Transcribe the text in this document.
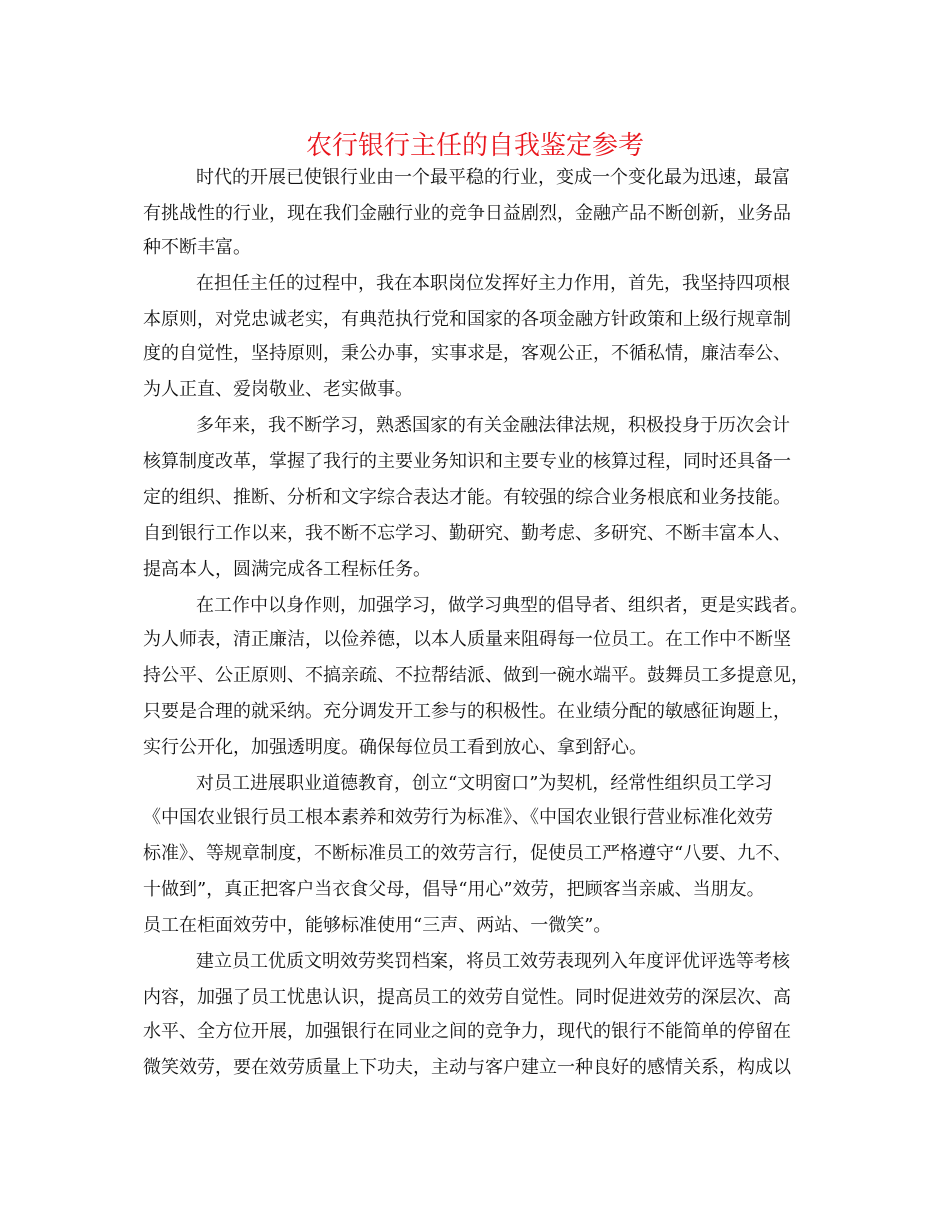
农行银行主任的自我鉴定参考

时代的开展已使银行业由一个最平稳的行业，变成一个变化最为迅速，最富

有挑战性的行业，现在我们金融行业的竞争日益剧烈，金融产品不断创新，业务品

种不断丰富。

在担任主任的过程中，我在本职岗位发挥好主力作用，首先，我坚持四项根

本原则，对党忠诚老实，有典范执行党和国家的各项金融方针政策和上级行规章制

度的自觉性，坚持原则，秉公办事，实事求是，客观公正，不循私情，廉洁奉公、

为人正直、爱岗敬业、老实做事。

多年来，我不断学习，熟悉国家的有关金融法律法规，积极投身于历次会计

核算制度改革，掌握了我行的主要业务知识和主要专业的核算过程，同时还具备一

定的组织、推断、分析和文字综合表达才能。有较强的综合业务根底和业务技能。

自到银行工作以来，我不断不忘学习、勤研究、勤考虑、多研究、不断丰富本人、

提高本人，圆满完成各工程标任务。

在工作中以身作则，加强学习，做学习典型的倡导者、组织者，更是实践者。

为人师表，清正廉洁，以俭养德，以本人质量来阻碍每一位员工。在工作中不断坚

持公平、公正原则、不搞亲疏、不拉帮结派、做到一碗水端平。鼓舞员工多提意见，

只要是合理的就采纳。充分调发开工参与的积极性。在业绩分配的敏感征询题上，

实行公开化，加强透明度。确保每位员工看到放心、拿到舒心。

对员工进展职业道德教育，创立“文明窗口”为契机，经常性组织员工学习

《中国农业银行员工根本素养和效劳行为标准》、《中国农业银行营业标准化效劳

标准》、等规章制度，不断标准员工的效劳言行，促使员工严格遵守“八要、九不、

十做到”，真正把客户当衣食父母，倡导“用心”效劳，把顾客当亲戚、当朋友。

员工在柜面效劳中，能够标准使用“三声、两站、一微笑”。

建立员工优质文明效劳奖罚档案，将员工效劳表现列入年度评优评选等考核

内容，加强了员工忧患认识，提高员工的效劳自觉性。同时促进效劳的深层次、高

水平、全方位开展，加强银行在同业之间的竞争力，现代的银行不能简单的停留在

微笑效劳，要在效劳质量上下功夫，主动与客户建立一种良好的感情关系，构成以
